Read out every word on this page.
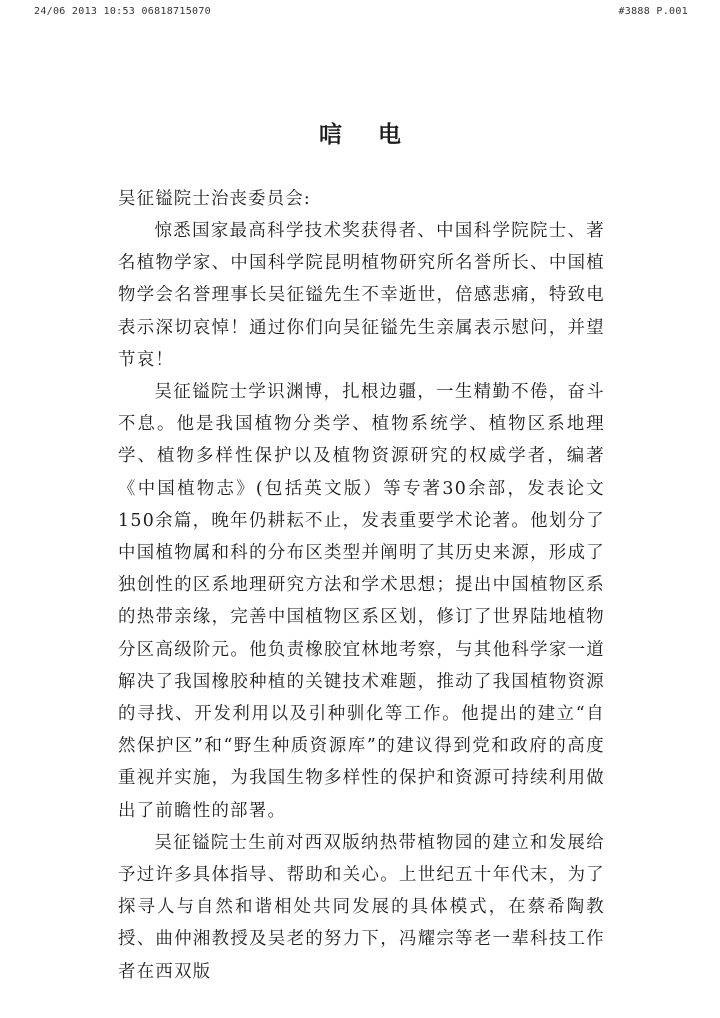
24/06 2013 10:53 06818715070	#3888 P.001
唁 电
吴征镒院士治丧委员会:

惊悉国家最高科学技术奖获得者、中国科学院院士、著名植物学家、中国科学院昆明植物研究所名誉所长、中国植物学会名誉理事长吴征镒先生不幸逝世，倍感悲痛，特致电表示深切哀悼！通过你们向吴征镒先生亲属表示慰问，并望节哀！

吴征镒院士学识渊博，扎根边疆，一生精勤不倦，奋斗不息。他是我国植物分类学、植物系统学、植物区系地理学、植物多样性保护以及植物资源研究的权威学者，编著《中国植物志》(包括英文版）等专著30余部，发表论文150余篇，晚年仍耕耘不止，发表重要学术论著。他划分了中国植物属和科的分布区类型并阐明了其历史来源，形成了独创性的区系地理研究方法和学术思想；提出中国植物区系的热带亲缘，完善中国植物区系区划，修订了世界陆地植物分区高级阶元。他负责橡胶宜林地考察，与其他科学家一道解决了我国橡胶种植的关键技术难题，推动了我国植物资源的寻找、开发利用以及引种驯化等工作。他提出的建立“自然保护区”和“野生种质资源库”的建议得到党和政府的高度重视并实施，为我国生物多样性的保护和资源可持续利用做出了前瞻性的部署。

吴征镒院士生前对西双版纳热带植物园的建立和发展给予过许多具体指导、帮助和关心。上世纪五十年代末，为了探寻人与自然和谐相处共同发展的具体模式，在蔡希陶教授、曲仲湘教授及吴老的努力下，冯耀宗等老一辈科技工作者在西双版
